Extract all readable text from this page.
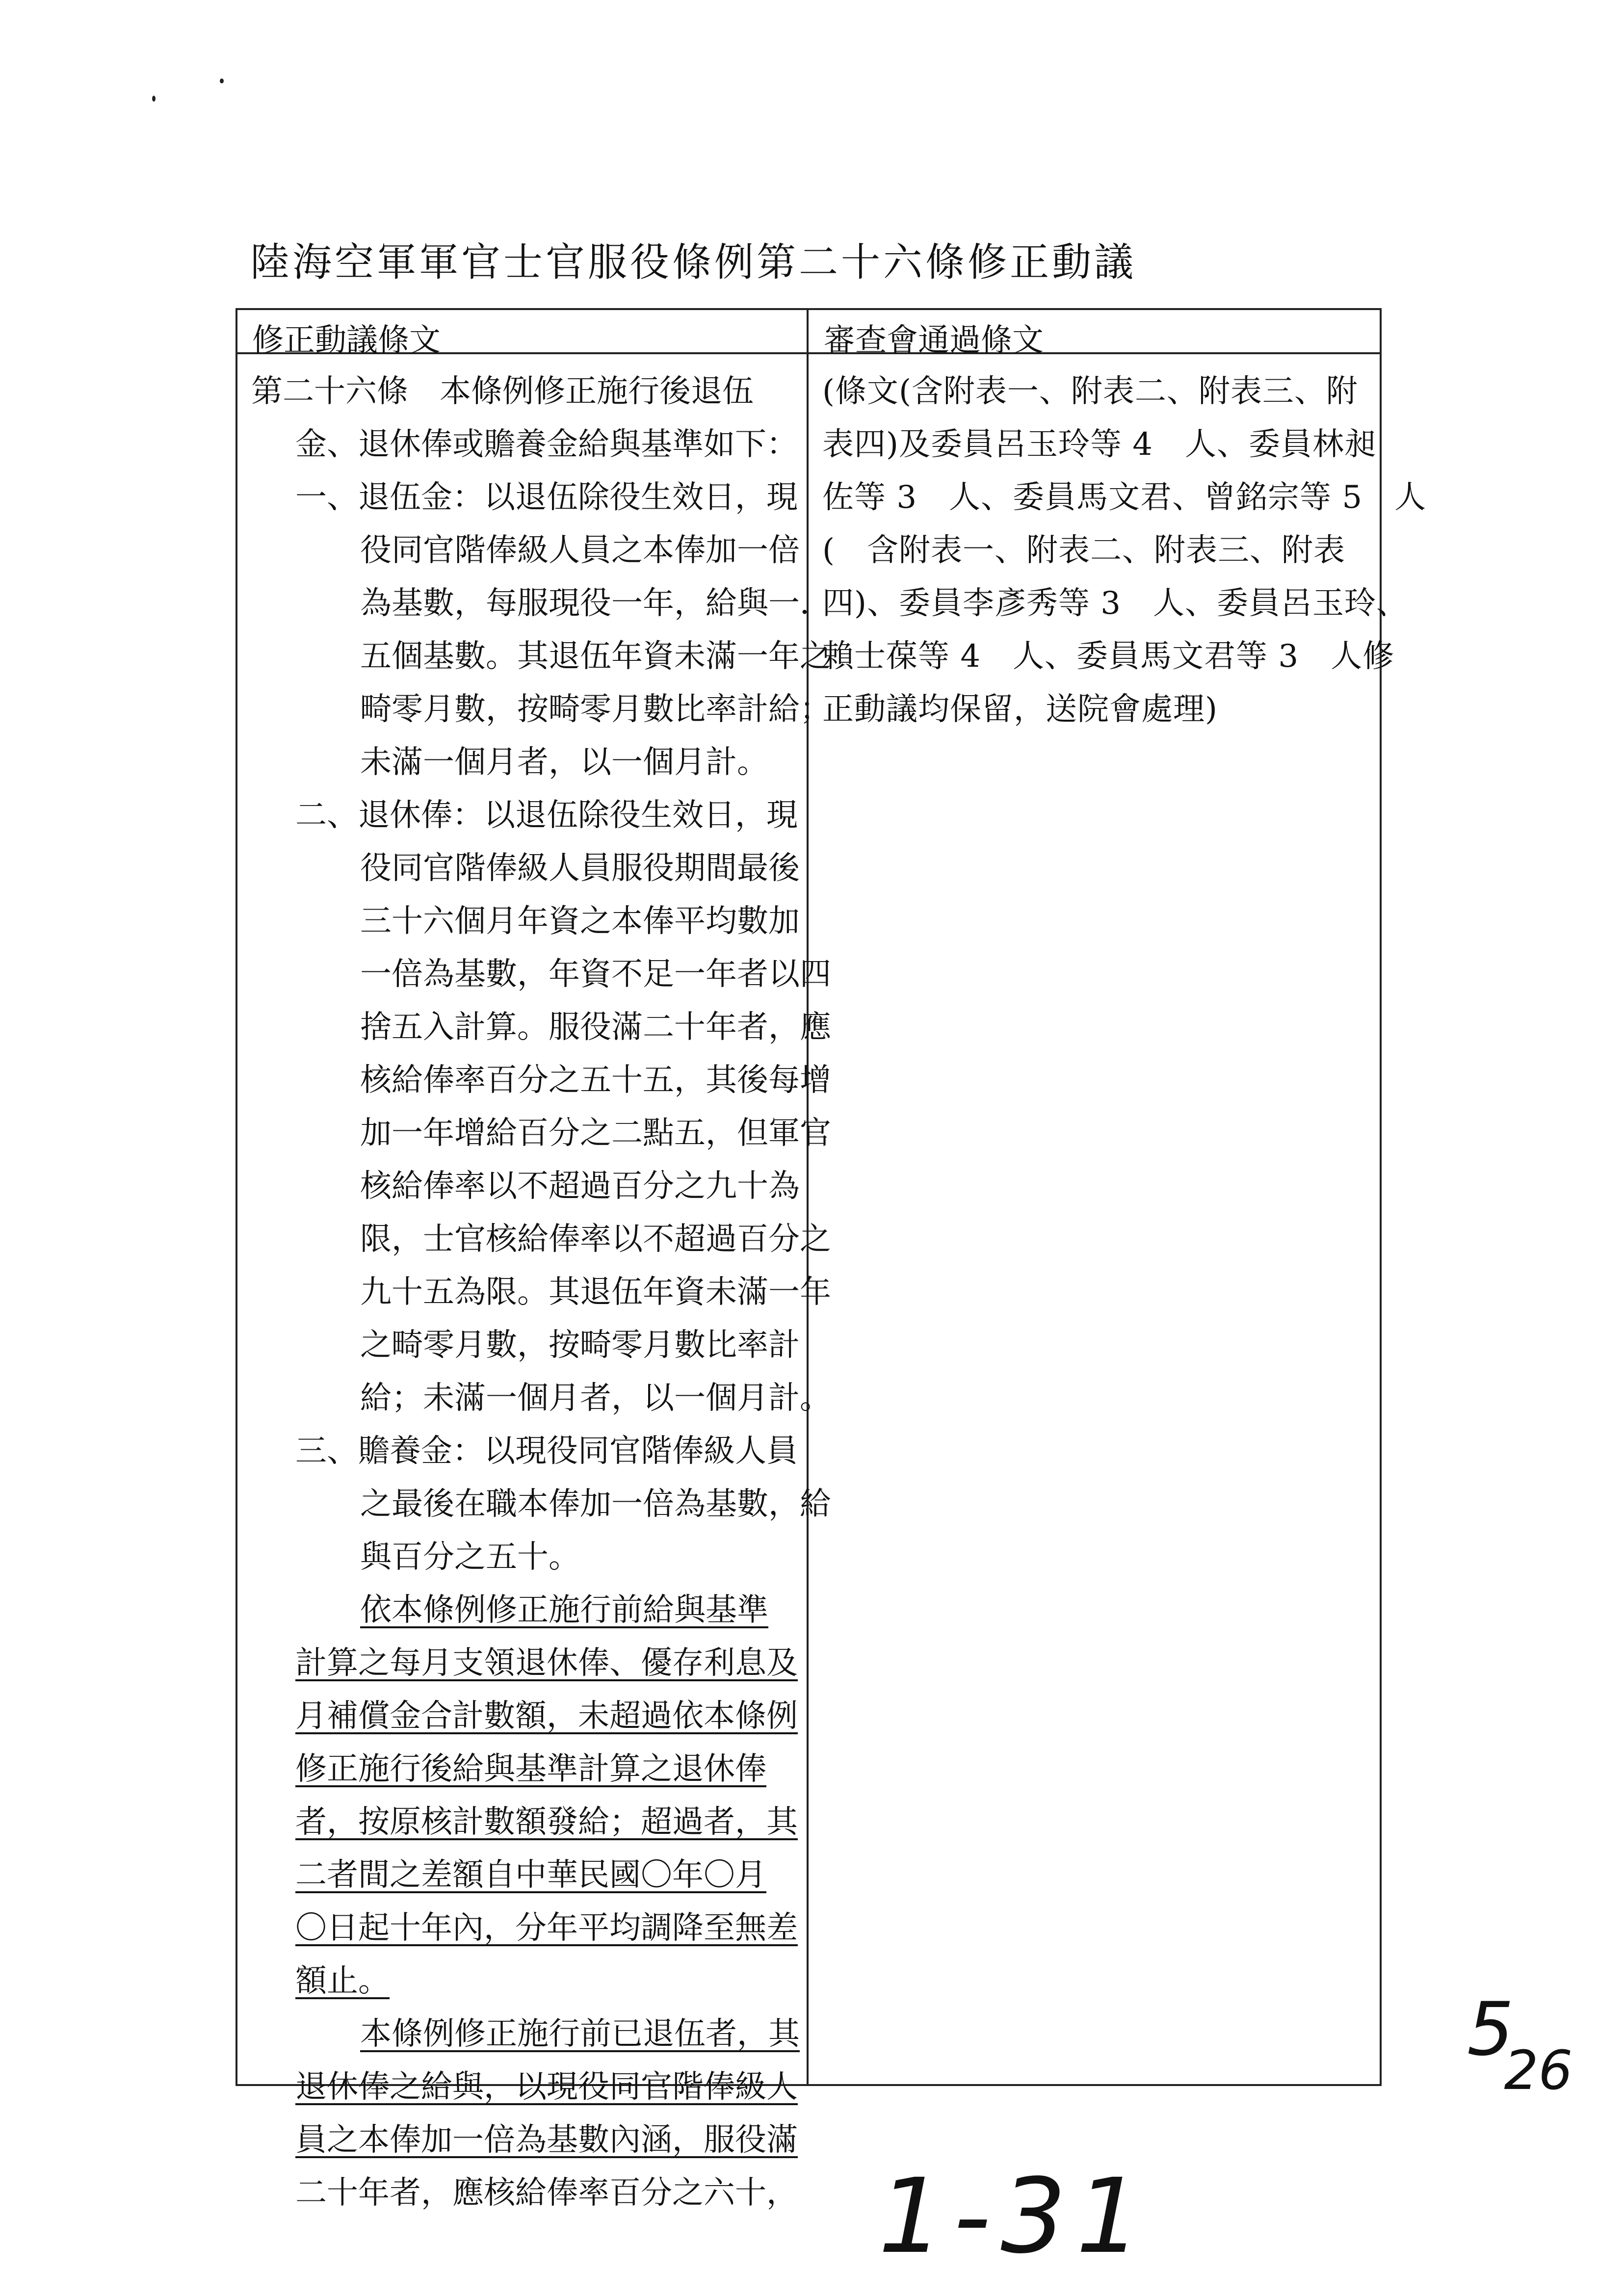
陸海空軍軍官士官服役條例第二十六條修正動議
修正動議條文	審查會通過條文
第二十六條　本條例修正施行後退伍
金、退休俸或贍養金給與基準如下：
一、退伍金：以退伍除役生效日，現
役同官階俸級人員之本俸加一倍
為基數，每服現役一年，給與一．
五個基數。其退伍年資未滿一年之
畸零月數，按畸零月數比率計給；
未滿一個月者，以一個月計。
二、退休俸：以退伍除役生效日，現
役同官階俸級人員服役期間最後
三十六個月年資之本俸平均數加
一倍為基數，年資不足一年者以四
捨五入計算。服役滿二十年者，應
核給俸率百分之五十五，其後每增
加一年增給百分之二點五，但軍官
核給俸率以不超過百分之九十為
限，士官核給俸率以不超過百分之
九十五為限。其退伍年資未滿一年
之畸零月數，按畸零月數比率計
給；未滿一個月者，以一個月計。
三、贍養金：以現役同官階俸級人員
之最後在職本俸加一倍為基數，給
與百分之五十。
依本條例修正施行前給與基準
計算之每月支領退休俸、優存利息及
月補償金合計數額，未超過依本條例
修正施行後給與基準計算之退休俸
者，按原核計數額發給；超過者，其
二者間之差額自中華民國〇年〇月
〇日起十年內，分年平均調降至無差
額止。
本條例修正施行前已退伍者，其
退休俸之給與，以現役同官階俸級人
員之本俸加一倍為基數內涵，服役滿
二十年者，應核給俸率百分之六十，
(條文(含附表一、附表二、附表三、附
表四)及委員呂玉玲等 4　人、委員林昶
佐等 3　人、委員馬文君、曾銘宗等 5　人
(　含附表一、附表二、附表三、附表
四)、委員李彥秀等 3　人、委員呂玉玲、
賴士葆等 4　人、委員馬文君等 3　人修
正動議均保留，送院會處理)
1-31
526
